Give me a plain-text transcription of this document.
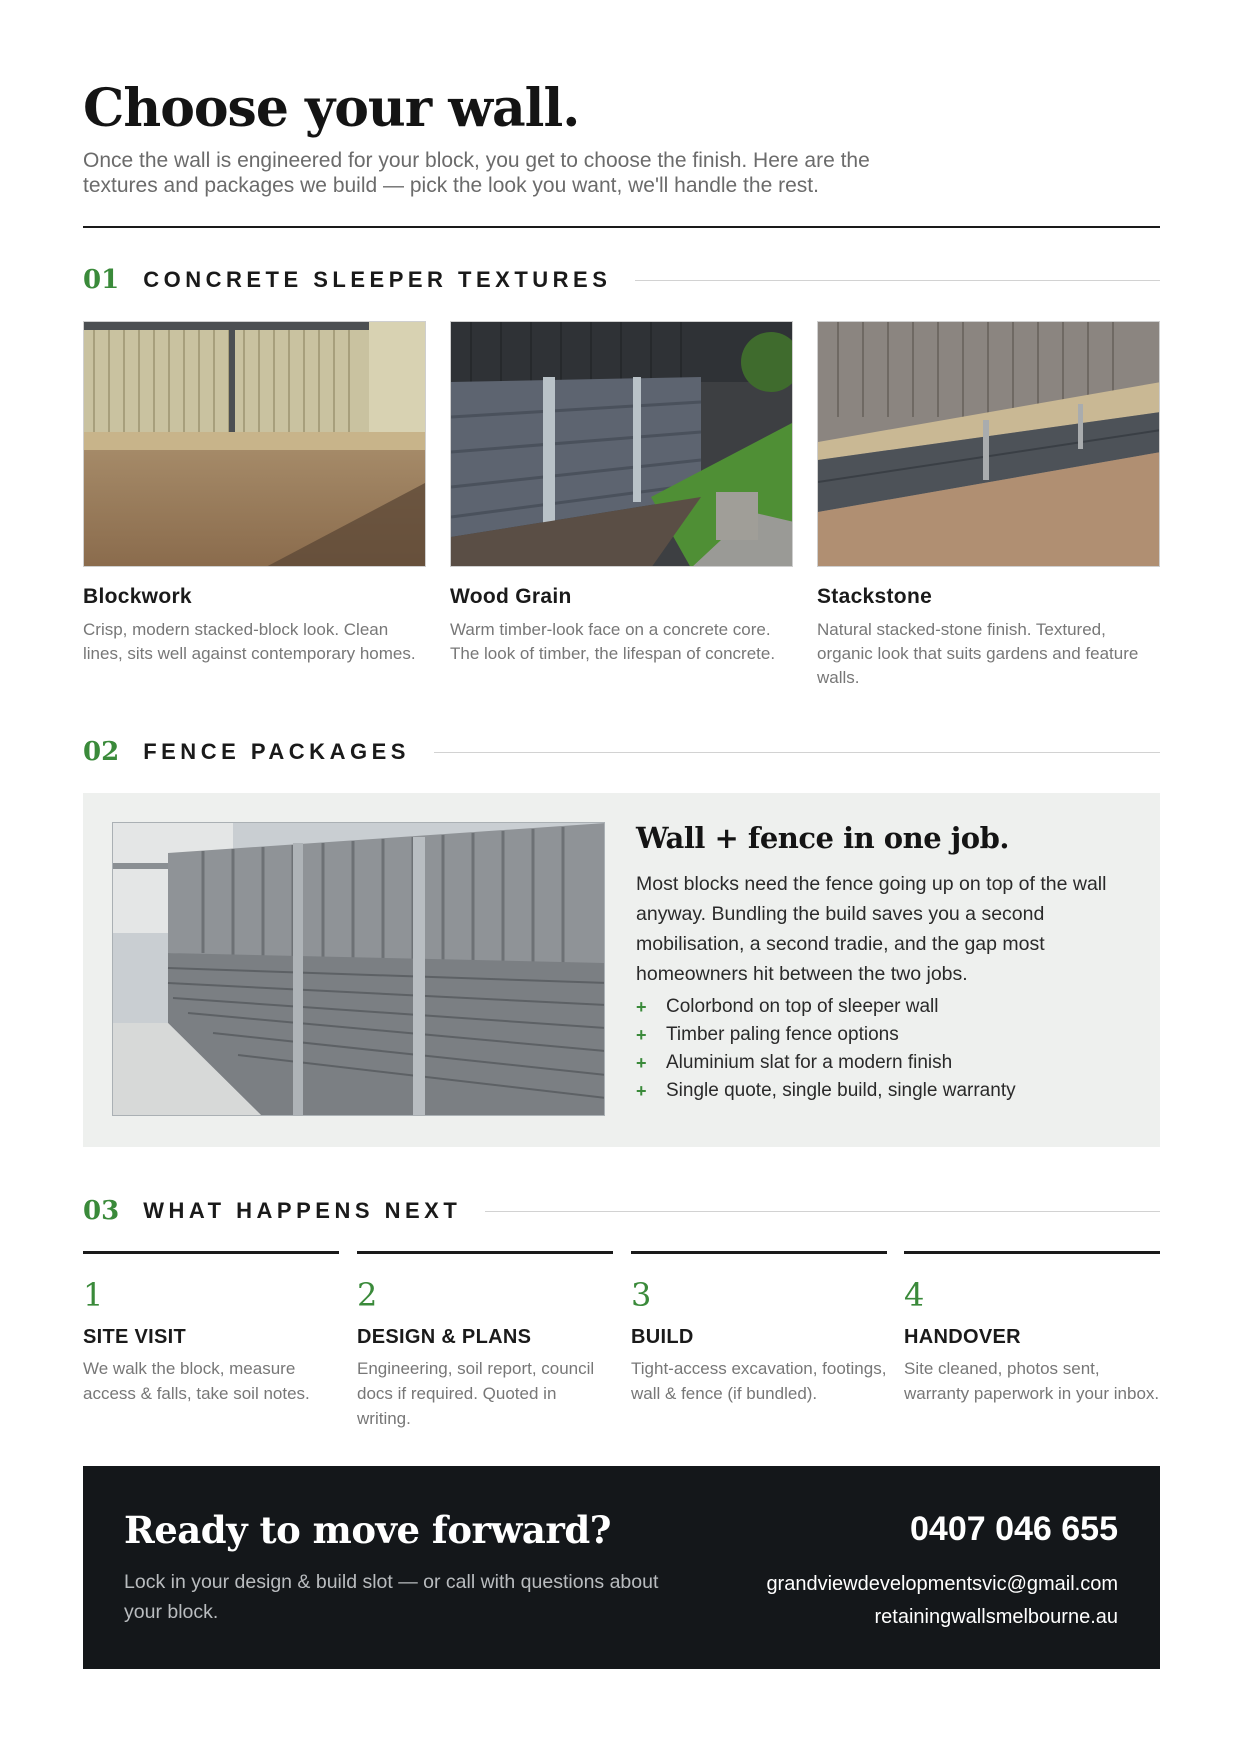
Choose your wall.

Once the wall is engineered for your block, you get to choose the finish. Here are the textures and packages we build — pick the look you want, we'll handle the rest.

01 CONCRETE SLEEPER TEXTURES
Blockwork
Crisp, modern stacked-block look. Clean lines, sits well against contemporary homes.
Wood Grain
Warm timber-look face on a concrete core. The look of timber, the lifespan of concrete.
Stackstone
Natural stacked-stone finish. Textured, organic look that suits gardens and feature walls.
02 FENCE PACKAGES
Wall + fence in one job.

Most blocks need the fence going up on top of the wall anyway. Bundling the build saves you a second mobilisation, a second tradie, and the gap most homeowners hit between the two jobs.

+	Colorbond on top of sleeper wall
+	Timber paling fence options
+	Aluminium slat for a modern finish
+	Single quote, single build, single warranty
03 WHAT HAPPENS NEXT
1
SITE VISIT
We walk the block, measure access & falls, take soil notes.
2
DESIGN & PLANS
Engineering, soil report, council docs if required. Quoted in writing.
3
BUILD
Tight-access excavation, footings, wall & fence (if bundled).
4
HANDOVER
Site cleaned, photos sent, warranty paperwork in your inbox.
Ready to move forward?

Lock in your design & build slot — or call with questions about your block.

0407 046 655
grandviewdevelopmentsvic@gmail.com
retainingwallsmelbourne.au
